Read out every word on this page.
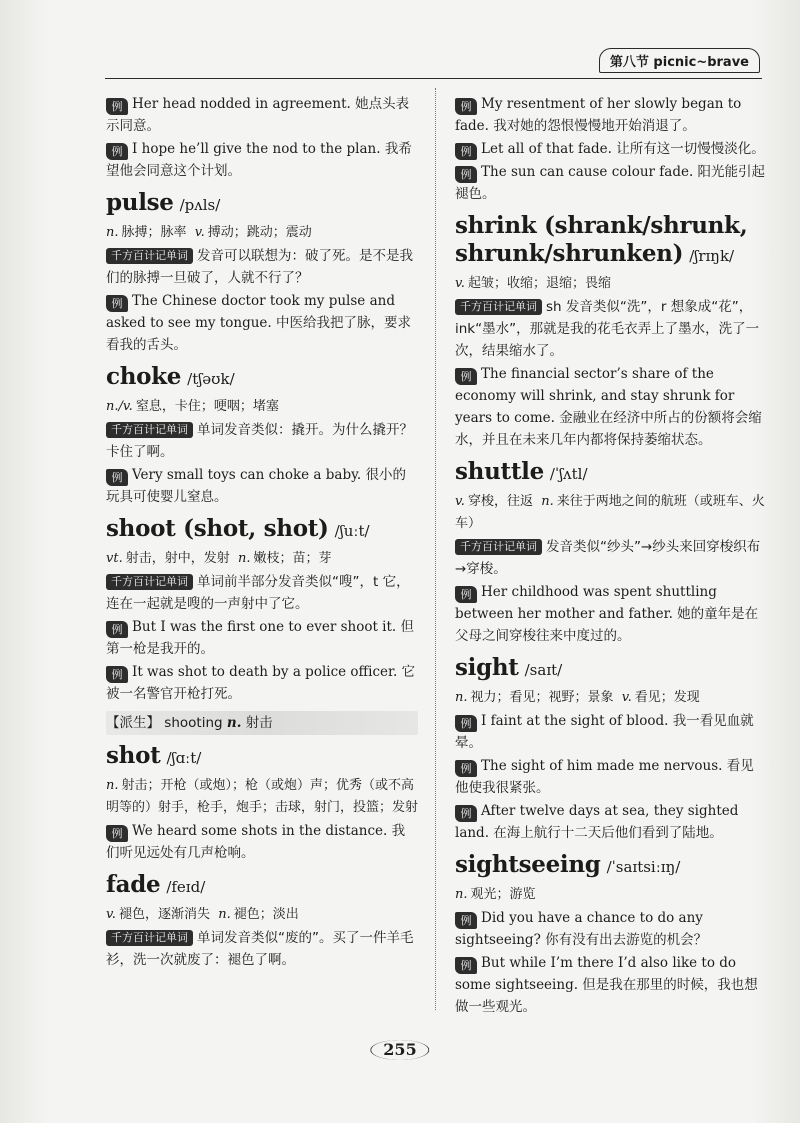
第八节 picnic~brave
例 Her head nodded in agreement. 她点头表示同意。
例 I hope he’ll give the nod to the plan. 我希望他会同意这个计划。
pulse /pʌls/
n. 脉搏；脉率 v. 搏动；跳动；震动
千方百计记单词 发音可以联想为：破了死。是不是我们的脉搏一旦破了，人就不行了？
例 The Chinese doctor took my pulse and asked to see my tongue. 中医给我把了脉，要求看我的舌头。
choke /tʃəʊk/
n./v. 窒息，卡住；哽咽；堵塞
千方百计记单词 单词发音类似：撬开。为什么撬开？卡住了啊。
例 Very small toys can choke a baby. 很小的玩具可使婴儿窒息。
shoot (shot, shot) /ʃuːt/
vt. 射击，射中，发射 n. 嫩枝；苗；芽
千方百计记单词 单词前半部分发音类似“嗖”，t 它，连在一起就是嗖的一声射中了它。
例 But I was the first one to ever shoot it. 但第一枪是我开的。
例 It was shot to death by a police officer. 它被一名警官开枪打死。
【派生】 shooting n. 射击
shot /ʃɑːt/
n. 射击；开枪（或炮）；枪（或炮）声；优秀（或不高明等的）射手，枪手，炮手；击球，射门，投篮；发射
例 We heard some shots in the distance. 我们听见远处有几声枪响。
fade /feɪd/
v. 褪色，逐渐消失 n. 褪色；淡出
千方百计记单词 单词发音类似“废的”。买了一件羊毛衫，洗一次就废了：褪色了啊。
例 My resentment of her slowly began to fade. 我对她的怨恨慢慢地开始消退了。
例 Let all of that fade. 让所有这一切慢慢淡化。
例 The sun can cause colour fade. 阳光能引起褪色。
shrink (shrank/shrunk, shrunk/shrunken) /ʃrɪŋk/
v. 起皱；收缩；退缩；畏缩
千方百计记单词 sh 发音类似“洗”，r 想象成“花”，ink“墨水”，那就是我的花毛衣弄上了墨水，洗了一次，结果缩水了。
例 The financial sector’s share of the economy will shrink, and stay shrunk for years to come. 金融业在经济中所占的份额将会缩水，并且在未来几年内都将保持萎缩状态。
shuttle /ˈʃʌtl/
v. 穿梭，往返 n. 来往于两地之间的航班（或班车、火车）
千方百计记单词 发音类似“纱头”→纱头来回穿梭织布→穿梭。
例 Her childhood was spent shuttling between her mother and father. 她的童年是在父母之间穿梭往来中度过的。
sight /saɪt/
n. 视力；看见；视野；景象 v. 看见；发现
例 I faint at the sight of blood. 我一看见血就晕。
例 The sight of him made me nervous. 看见他使我很紧张。
例 After twelve days at sea, they sighted land. 在海上航行十二天后他们看到了陆地。
sightseeing /ˈsaɪtsiːɪŋ/
n. 观光；游览
例 Did you have a chance to do any sightseeing? 你有没有出去游览的机会？
例 But while I’m there I’d also like to do some sightseeing. 但是我在那里的时候，我也想做一些观光。
255
